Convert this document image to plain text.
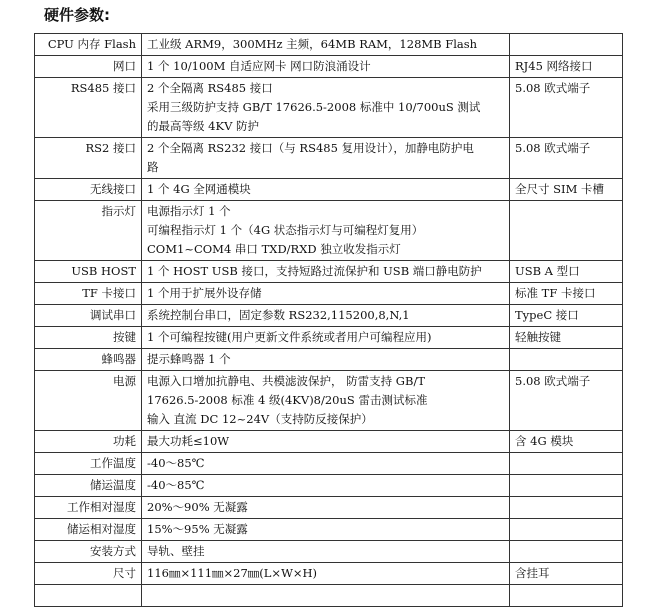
硬件参数:
CPU 内存 Flash	工业级 ARM9，300MHz 主频，64MB RAM，128MB Flash	

网口	1 个 10/100M 自适应网卡 网口防浪涌设计	RJ45 网络接口
RS485 接口	2 个全隔离 RS485 接口
采用三级防护支持 GB/T 17626.5-2008 标准中 10/700uS 测试
的最高等级 4KV 防护	5.08 欧式端子
RS2 接口	2 个全隔离 RS232 接口（与 RS485 复用设计），加静电防护电
路	5.08 欧式端子
无线接口	1 个 4G 全网通模块	全尺寸 SIM 卡槽
指示灯	电源指示灯 1 个
可编程指示灯 1 个（4G 状态指示灯与可编程灯复用）
COM1~COM4 串口 TXD/RXD 独立收发指示灯	

USB HOST	1 个 HOST USB 接口，支持短路过流保护和 USB 端口静电防护	USB A 型口
TF 卡接口	1 个用于扩展外设存储	标准 TF 卡接口
调试串口	系统控制台串口，固定参数 RS232,115200,8,N,1	TypeC 接口
按键	1 个可编程按键(用户更新文件系统或者用户可编程应用)	轻触按键
蜂鸣器	提示蜂鸣器 1 个	

电源	电源入口增加抗静电、共模滤波保护， 防雷支持 GB/T
17626.5-2008 标准 4 级(4KV)8/20uS 雷击测试标准
输入 直流 DC 12~24V（支持防反接保护）	5.08 欧式端子
功耗	最大功耗≤10W	含 4G 模块
工作温度	-40～85℃	

储运温度	-40～85℃	

工作相对湿度	20%～90% 无凝露	

储运相对湿度	15%～95% 无凝露	

安装方式	导轨、壁挂	

尺寸	116㎜×111㎜×27㎜(L×W×H)	含挂耳
